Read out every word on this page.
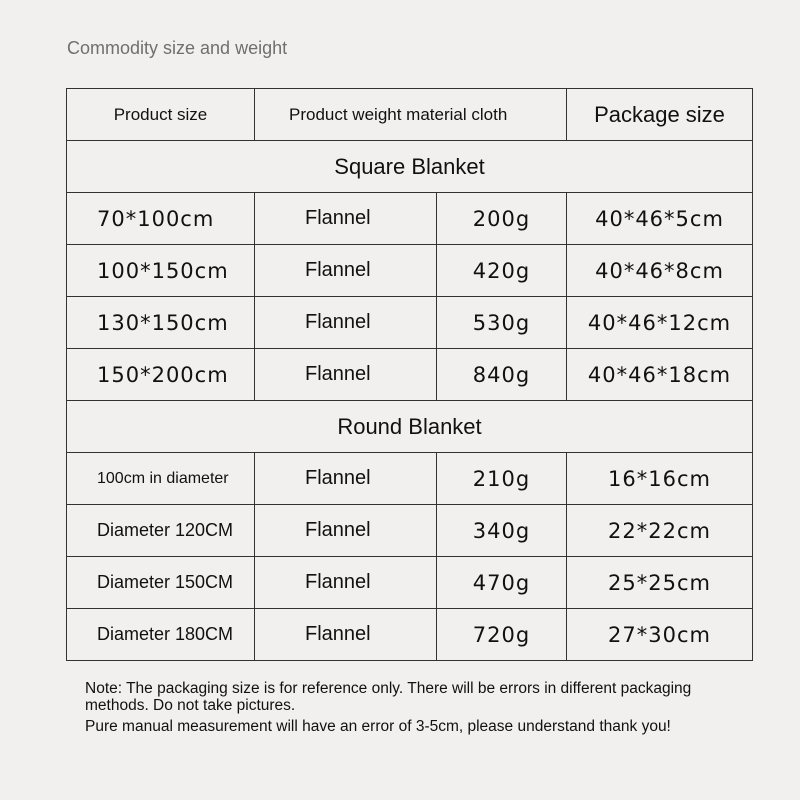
Commodity size and weight
Product size	Product weight material cloth		Package size
Square Blanket			
70*100cm	Flannel	200g	40*46*5cm
100*150cm	Flannel	420g	40*46*8cm
130*150cm	Flannel	530g	40*46*12cm
150*200cm	Flannel	840g	40*46*18cm
Round Blanket			
100cm in diameter	Flannel	210g	16*16cm
Diameter 120CM	Flannel	340g	22*22cm
Diameter 150CM	Flannel	470g	25*25cm
Diameter 180CM	Flannel	720g	27*30cm

Note: The packaging size is for reference only. There will be errors in different packaging methods. Do not take pictures.

Pure manual measurement will have an error of 3-5cm, please understand thank you!
